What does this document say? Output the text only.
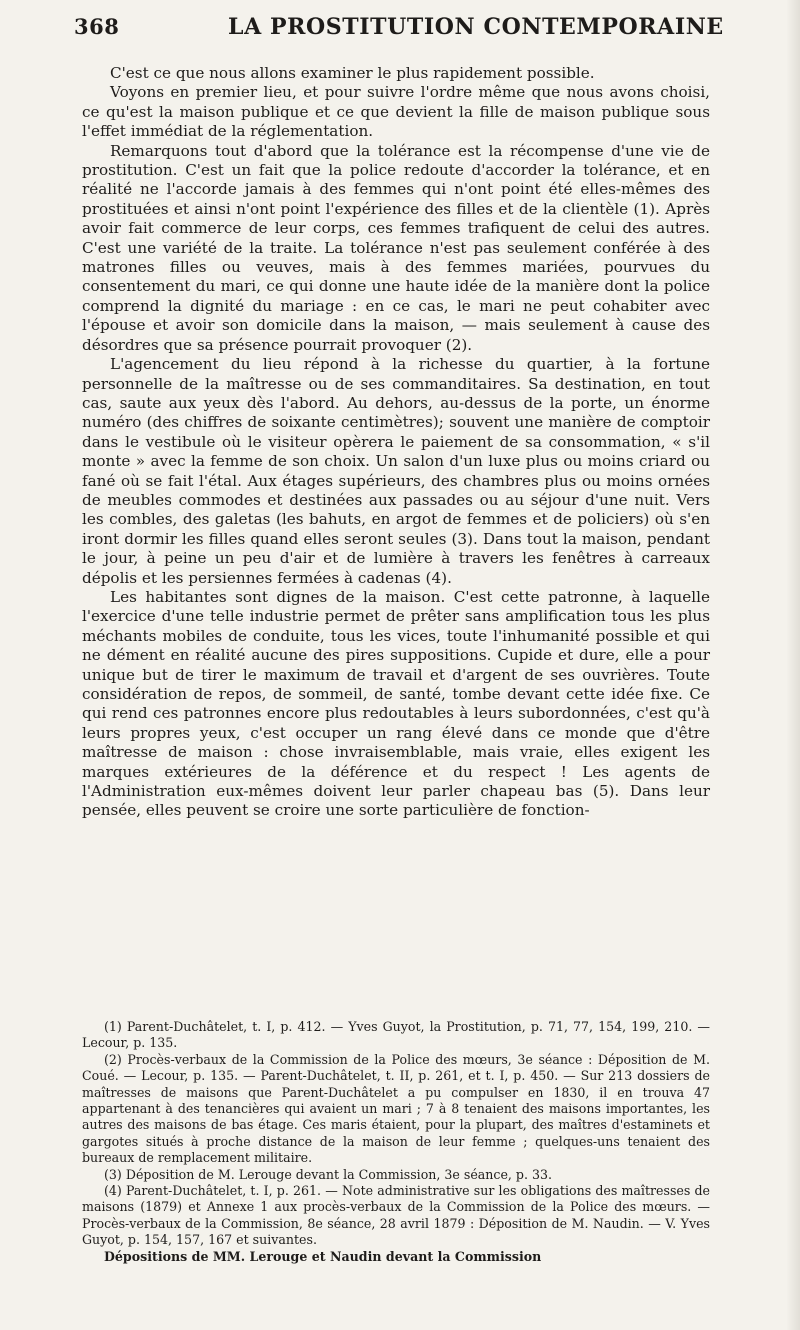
368	LA PROSTITUTION CONTEMPORAINE

C'est ce que nous allons examiner le plus rapidement possible.

Voyons en premier lieu, et pour suivre l'ordre même que nous avons choisi, ce qu'est la maison publique et ce que devient la fille de maison publique sous l'effet immédiat de la réglementation.

Remarquons tout d'abord que la tolérance est la récompense d'une vie de prostitution. C'est un fait que la police redoute d'accorder la tolérance, et en réalité ne l'accorde jamais à des femmes qui n'ont point été elles-mêmes des prostituées et ainsi n'ont point l'expérience des filles et de la clientèle (1). Après avoir fait commerce de leur corps, ces femmes trafiquent de celui des autres. C'est une variété de la traite. La tolérance n'est pas seulement conférée à des matrones filles ou veuves, mais à des femmes mariées, pourvues du consentement du mari, ce qui donne une haute idée de la manière dont la police comprend la dignité du mariage : en ce cas, le mari ne peut cohabiter avec l'épouse et avoir son domicile dans la maison, — mais seulement à cause des désordres que sa présence pourrait provoquer (2).

L'agencement du lieu répond à la richesse du quartier, à la fortune personnelle de la maîtresse ou de ses commanditaires. Sa destination, en tout cas, saute aux yeux dès l'abord. Au dehors, au-dessus de la porte, un énorme numéro (des chiffres de soixante centimètres); souvent une manière de comptoir dans le vestibule où le visiteur opèrera le paiement de sa consommation, « s'il monte » avec la femme de son choix. Un salon d'un luxe plus ou moins criard ou fané où se fait l'étal. Aux étages supérieurs, des chambres plus ou moins ornées de meubles commodes et destinées aux passades ou au séjour d'une nuit. Vers les combles, des galetas (les bahuts, en argot de femmes et de policiers) où s'en iront dormir les filles quand elles seront seules (3). Dans tout la maison, pendant le jour, à peine un peu d'air et de lumière à travers les fenêtres à carreaux dépolis et les persiennes fermées à cadenas (4).

Les habitantes sont dignes de la maison. C'est cette patronne, à laquelle l'exercice d'une telle industrie permet de prêter sans amplification tous les plus méchants mobiles de conduite, tous les vices, toute l'inhumanité possible et qui ne dément en réalité aucune des pires suppositions. Cupide et dure, elle a pour unique but de tirer le maximum de travail et d'argent de ses ouvrières. Toute considération de repos, de sommeil, de santé, tombe devant cette idée fixe. Ce qui rend ces patronnes encore plus redoutables à leurs subordonnées, c'est qu'à leurs propres yeux, c'est occuper un rang élevé dans ce monde que d'être maîtresse de maison : chose invraisemblable, mais vraie, elles exigent les marques extérieures de la déférence et du respect ! Les agents de l'Administration eux-mêmes doivent leur parler chapeau bas (5). Dans leur pensée, elles peuvent se croire une sorte particulière de fonction-

(1) Parent-Duchâtelet, t. I, p. 412. — Yves Guyot, la Prostitution, p. 71, 77, 154, 199, 210. — Lecour, p. 135.

(2) Procès-verbaux de la Commission de la Police des mœurs, 3e séance : Déposition de M. Coué. — Lecour, p. 135. — Parent-Duchâtelet, t. II, p. 261, et t. I, p. 450. — Sur 213 dossiers de maîtresses de maisons que Parent-Duchâtelet a pu compulser en 1830, il en trouva 47 appartenant à des tenancières qui avaient un mari ; 7 à 8 tenaient des maisons importantes, les autres des maisons de bas étage. Ces maris étaient, pour la plupart, des maîtres d'estaminets et gargotes situés à proche distance de la maison de leur femme ; quelques-uns tenaient des bureaux de remplacement militaire.

(3) Déposition de M. Lerouge devant la Commission, 3e séance, p. 33.

(4) Parent-Duchâtelet, t. I, p. 261. — Note administrative sur les obligations des maîtresses de maisons (1879) et Annexe 1 aux procès-verbaux de la Commission de la Police des mœurs. — Procès-verbaux de la Commission, 8e séance, 28 avril 1879 : Déposition de M. Naudin. — V. Yves Guyot, p. 154, 157, 167 et suivantes.

Dépositions de MM. Lerouge et Naudin devant la Commission
